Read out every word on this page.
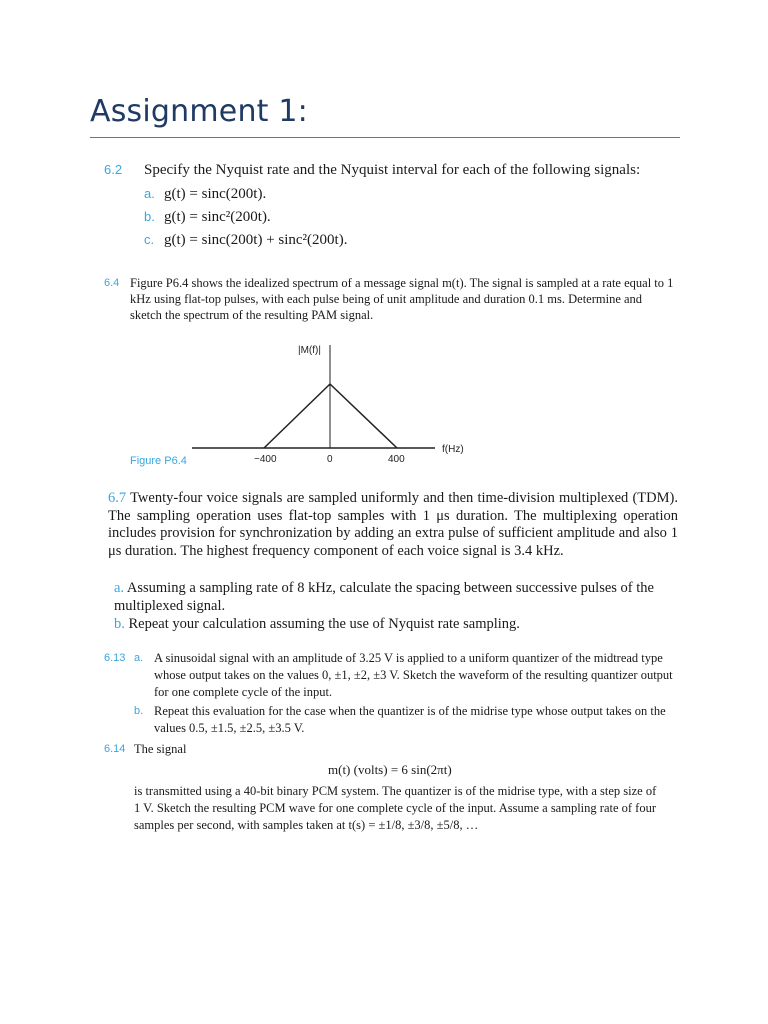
Assignment 1:
6.2 Specify the Nyquist rate and the Nyquist interval for each of the following signals:
a. g(t) = sinc(200t).
b. g(t) = sinc²(200t).
c. g(t) = sinc(200t) + sinc²(200t).
6.4 Figure P6.4 shows the idealized spectrum of a message signal m(t). The signal is sampled at a rate equal to 1 kHz using flat-top pulses, with each pulse being of unit amplitude and duration 0.1 ms. Determine and sketch the spectrum of the resulting PAM signal.
|M(f)|
f(Hz)
−400	0	400
Figure P6.4
6.7 Twenty-four voice signals are sampled uniformly and then time-division multiplexed (TDM). The sampling operation uses flat-top samples with 1 μs duration. The multiplexing operation includes provision for synchronization by adding an extra pulse of sufficient amplitude and also 1 μs duration. The highest frequency component of each voice signal is 3.4 kHz.
a. Assuming a sampling rate of 8 kHz, calculate the spacing between successive pulses of the multiplexed signal.
b. Repeat your calculation assuming the use of Nyquist rate sampling.
6.13 a. A sinusoidal signal with an amplitude of 3.25 V is applied to a uniform quantizer of the midtread type whose output takes on the values 0, ±1, ±2, ±3 V. Sketch the waveform of the resulting quantizer output for one complete cycle of the input.
b. Repeat this evaluation for the case when the quantizer is of the midrise type whose output takes on the values 0.5, ±1.5, ±2.5, ±3.5 V.
6.14 The signal
m(t) (volts) = 6 sin(2πt)
is transmitted using a 40-bit binary PCM system. The quantizer is of the midrise type, with a step size of 1 V. Sketch the resulting PCM wave for one complete cycle of the input. Assume a sampling rate of four samples per second, with samples taken at t(s) = ±1/8, ±3/8, ±5/8, …
